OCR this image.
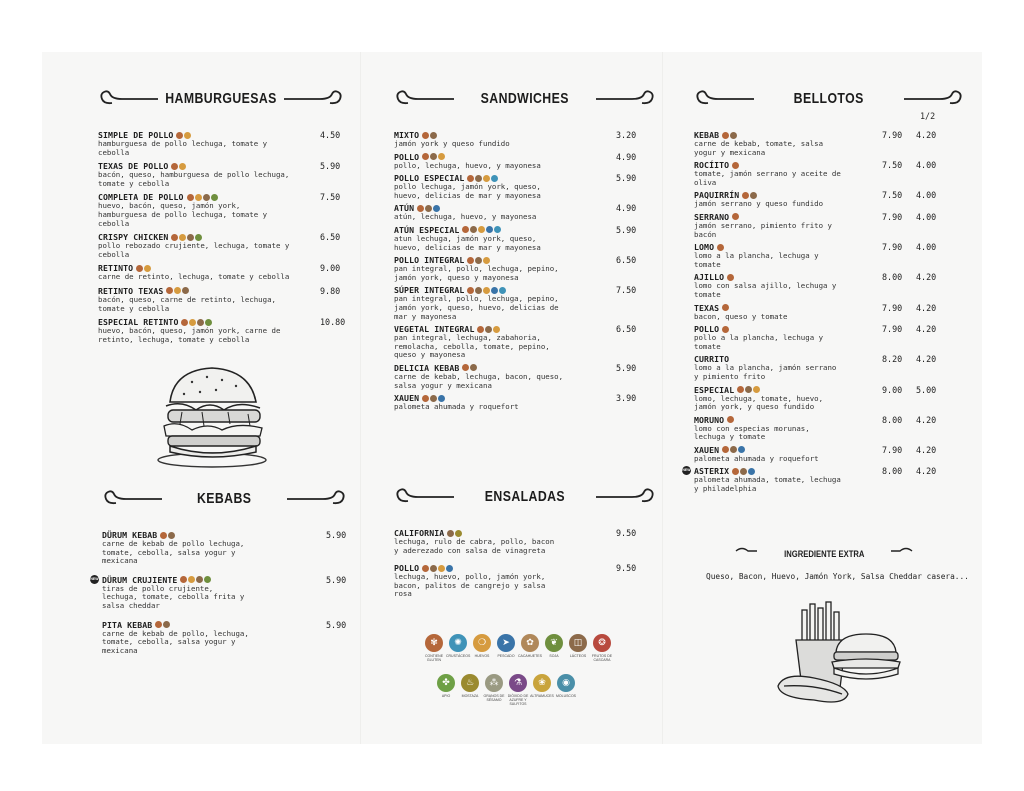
HAMBURGUESAS
SIMPLE DE POLLO	4.50
hamburguesa de pollo lechuga, tomate y cebolla
TEXAS DE POLLO	5.90
bacón, queso, hamburguesa de pollo lechuga, tomate y cebolla
COMPLETA DE POLLO	7.50
huevo, bacón, queso, jamón york, hamburguesa de pollo lechuga, tomate y cebolla
CRISPY CHICKEN	6.50
pollo rebozado crujiente, lechuga, tomate y cebolla
RETINTO	9.00
carne de retinto, lechuga, tomate y cebolla
RETINTO TEXAS	9.80
bacón, queso, carne de retinto, lechuga, tomate y cebolla
ESPECIAL RETINTO	10.80
huevo, bacón, queso, jamón york, carne de retinto, lechuga, tomate y cebolla
KEBABS
DÜRUM KEBAB	5.90
carne de kebab de pollo lechuga, tomate, cebolla, salsa yogur y mexicana
NEW DÜRUM CRUJIENTE	5.90
tiras de pollo crujiente, lechuga, tomate, cebolla frita y salsa cheddar
PITA KEBAB	5.90
carne de kebab de pollo, lechuga, tomate, cebolla, salsa yogur y mexicana
SANDWICHES
MIXTO	3.20
jamón york y queso fundido
POLLO	4.90
pollo, lechuga, huevo, y mayonesa
POLLO ESPECIAL	5.90
pollo lechuga, jamón york, queso, huevo, delicias de mar y mayonesa
ATÚN	4.90
atún, lechuga, huevo, y mayonesa
ATÚN ESPECIAL	5.90
atun lechuga, jamón york, queso, huevo, delicias de mar y mayonesa
POLLO INTEGRAL	6.50
pan integral, pollo, lechuga, pepino, jamón york, queso y mayonesa
SÚPER INTEGRAL	7.50
pan integral, pollo, lechuga, pepino, jamón york, queso, huevo, delicias de mar y mayonesa
VEGETAL INTEGRAL	6.50
pan integral, lechuga, zabahoria, remolacha, cebolla, tomate, pepino, queso y mayonesa
DELICIA KEBAB	5.90
carne de kebab, lechuga, bacon, queso, salsa yogur y mexicana
XAUEN	3.90
palometa ahumada y roquefort
ENSALADAS
CALIFORNIA	9.50
lechuga, rulo de cabra, pollo, bacon y aderezado con salsa de vinagreta
POLLO	9.50
lechuga, huevo, pollo, jamón york, bacon, palitos de cangrejo y salsa rosa
✾
CONTIENE GLUTEN
✺
CRUSTÁCEOS
❍
HUEVOS
➤
PESCADO
✿
CACAHUETES
❦
SOJA
◫
LÁCTEOS
❂
FRUTOS DE CASCARA
✤
APIO
♨
MOSTAZA
⁂
GRANOS DE SÉSAMO
⚗
DIÓXIDO DE AZUFRE Y SULFITOS
❀
ALTRAMUCES
◉
MOLUSCOS
BELLOTOS
1/2
KEBAB	7.90 4.20
carne de kebab, tomate, salsa yogur y mexicana
ROCÍITO	7.50 4.00
tomate, jamón serrano y aceite de oliva
PAQUIRRÍN	7.50 4.00
jamón serrano y queso fundido
SERRANO	7.90 4.00
jamón serrano, pimiento frito y bacón
LOMO	7.90 4.00
lomo a la plancha, lechuga y tomate
AJILLO	8.00 4.20
lomo con salsa ajillo, lechuga y tomate
TEXAS	7.90 4.20
bacon, queso y tomate
POLLO	7.90 4.20
pollo a la plancha, lechuga y tomate
CURRITO	8.20 4.20
lomo a la plancha, jamón serrano y pimiento frito
ESPECIAL	9.00 5.00
lomo, lechuga, tomate, huevo, jamón york, y queso fundido
MORUNO	8.00 4.20
lomo con especias morunas, lechuga y tomate
XAUEN	7.90 4.20
palometa ahumada y roquefort
NEW ASTERIX	8.00 4.20
palometa ahumada, tomate, lechuga y philadelphia
INGREDIENTE EXTRA
Queso, Bacon, Huevo, Jamón York, Salsa Cheddar casera...
